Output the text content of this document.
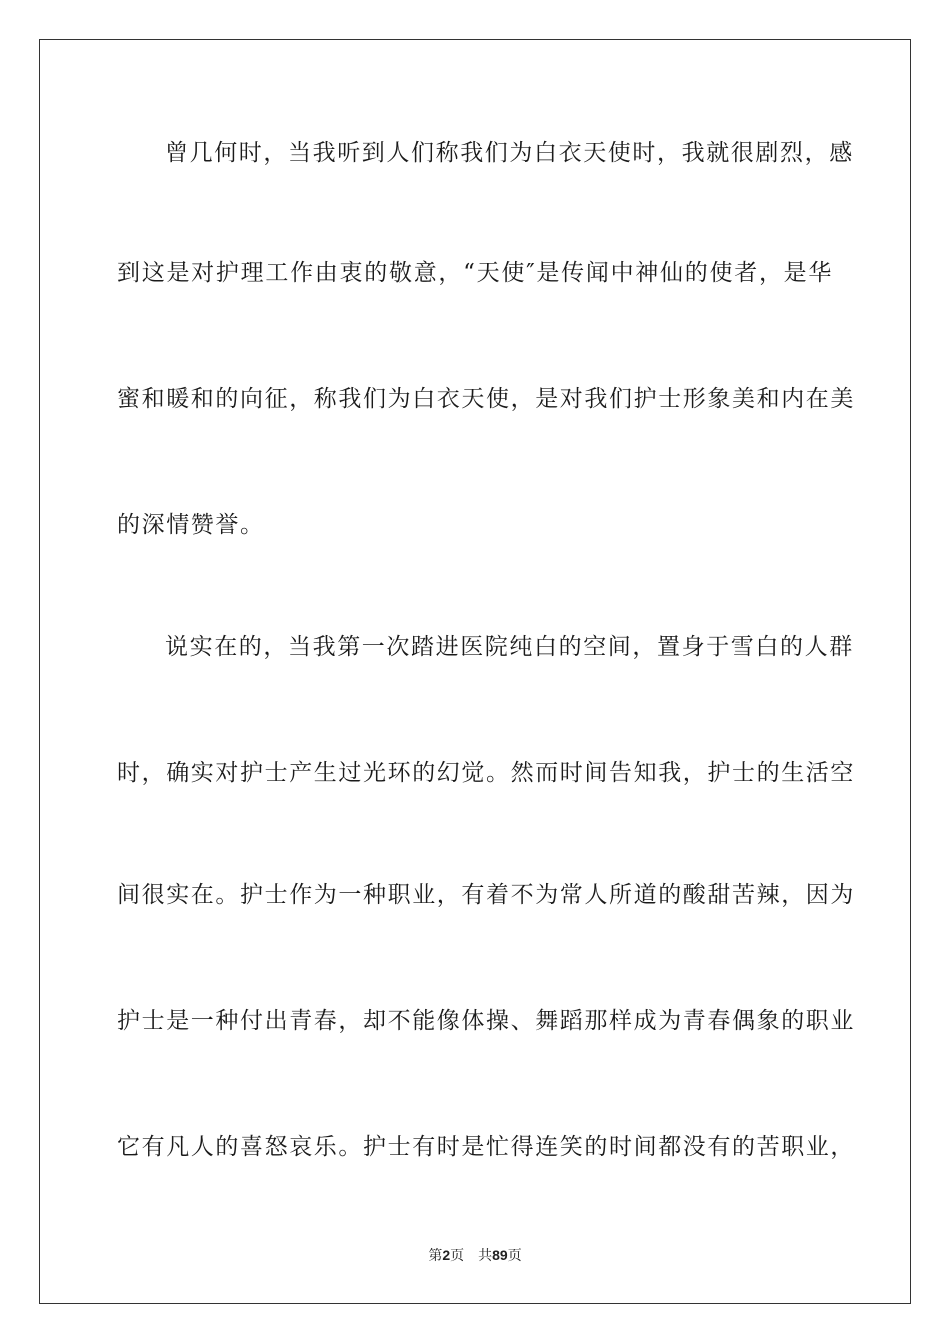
曾几何时，当我听到人们称我们为白衣天使时，我就很剧烈，感
到这是对护理工作由衷的敬意，“天使″是传闻中神仙的使者，是华
蜜和暖和的向征，称我们为白衣天使，是对我们护士形象美和内在美
的深情赞誉。
说实在的，当我第一次踏进医院纯白的空间，置身于雪白的人群
时，确实对护士产生过光环的幻觉。然而时间告知我，护士的生活空
间很实在。护士作为一种职业，有着不为常人所道的酸甜苦辣，因为
护士是一种付出青春，却不能像体操、舞蹈那样成为青春偶象的职业
它有凡人的喜怒哀乐。护士有时是忙得连笑的时间都没有的苦职业，
第2页 共89页
